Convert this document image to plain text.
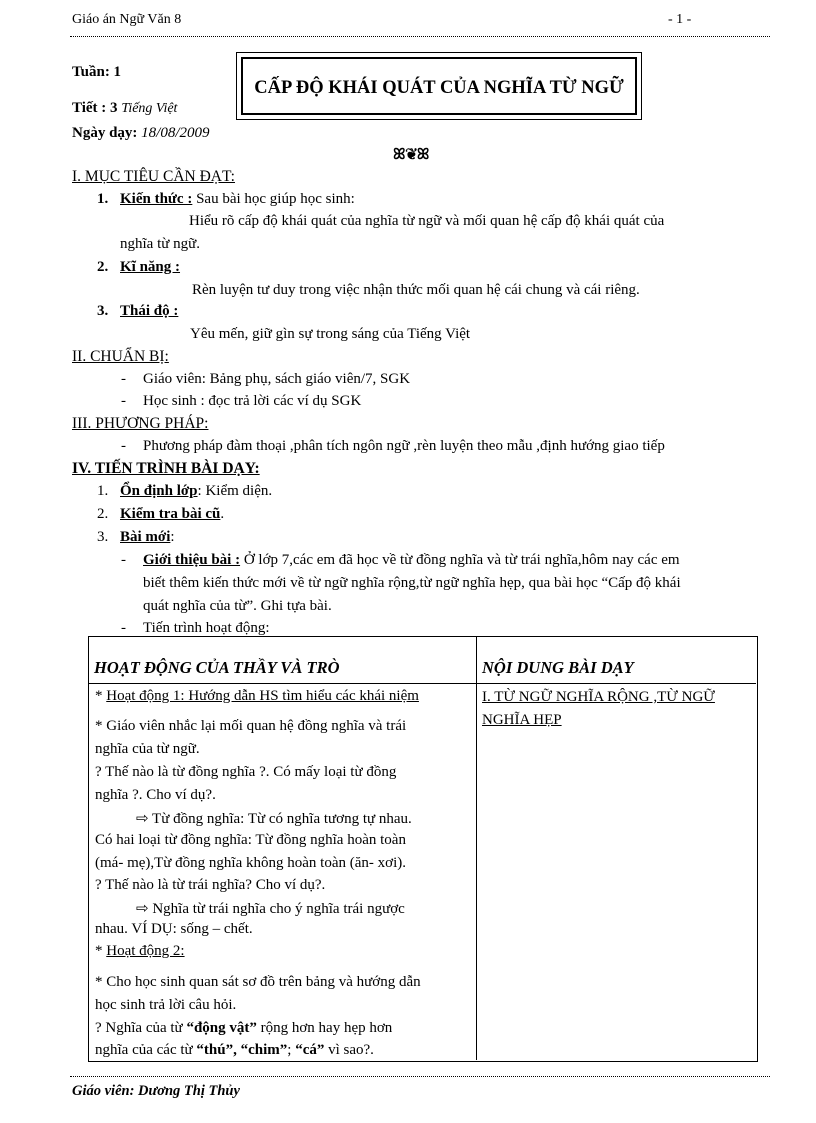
Giáo án Ngữ Văn 8	- 1 -
Tuần: 1
Tiết : 3 Tiếng Việt
Ngày dạy: 18/08/2009
CẤP ĐỘ KHÁI QUÁT CỦA NGHĨA TỪ NGỮ
ꕤ❦ꕤ
I. MỤC TIÊU CẦN ĐẠT:
1. Kiến thức : Sau bài học giúp học sinh:
Hiểu rõ cấp độ khái quát của nghĩa từ ngữ và mối quan hệ cấp độ khái quát của
nghĩa từ ngữ.
2. Kĩ năng :
Rèn luyện tư duy trong việc nhận thức mối quan hệ cái chung và cái riêng.
3. Thái độ :
Yêu mến, giữ gìn sự trong sáng của Tiếng Việt
II. CHUẨN BỊ:
- Giáo viên: Bảng phụ, sách giáo viên/7, SGK
- Học sinh : đọc trả lời các ví dụ SGK
III. PHƯƠNG PHÁP:
- Phương pháp đàm thoại ,phân tích ngôn ngữ ,rèn luyện theo mẫu ,định hướng giao tiếp
IV. TIẾN TRÌNH BÀI DẠY:
1. Ổn định lớp: Kiểm diện.
2. Kiểm tra bài cũ.
3. Bài mới:
- Giới thiệu bài : Ở lớp 7,các em đã học về từ đồng nghĩa và từ trái nghĩa,hôm nay các em
biết thêm kiến thức mới về từ ngữ nghĩa rộng,từ ngữ nghĩa hẹp, qua bài học “Cấp độ khái
quát nghĩa của từ”. Ghi tựa bài.
- Tiến trình hoạt động:
HOẠT ĐỘNG CỦA THẦY VÀ TRÒ	NỘI DUNG BÀI DẠY
* Hoạt động 1: Hướng dẫn HS tìm hiểu các khái niệm
* Giáo viên nhắc lại mối quan hệ đồng nghĩa và trái
nghĩa của từ ngữ.
? Thế nào là từ đồng nghĩa ?. Có mấy loại từ đồng
nghĩa ?. Cho ví dụ?.
⇨ Từ đồng nghĩa: Từ có nghĩa tương tự nhau.
Có hai loại từ đồng nghĩa: Từ đồng nghĩa hoàn toàn
(má- mẹ),Từ đồng nghĩa không hoàn toàn (ăn- xơi).
? Thế nào là từ trái nghĩa? Cho ví dụ?.
⇨ Nghĩa từ trái nghĩa cho ý nghĩa trái ngược
nhau. VÍ DỤ: sống – chết.
* Hoạt động 2:
* Cho học sinh quan sát sơ đồ trên bảng và hướng dẫn
học sinh trả lời câu hỏi.
? Nghĩa của từ “động vật” rộng hơn hay hẹp hơn
nghĩa của các từ “thú”, “chim”; “cá” vì sao?.
I. TỪ NGỮ NGHĨA RỘNG ,TỪ NGỮ
NGHĨA HẸP
Giáo viên: Dương Thị Thủy
